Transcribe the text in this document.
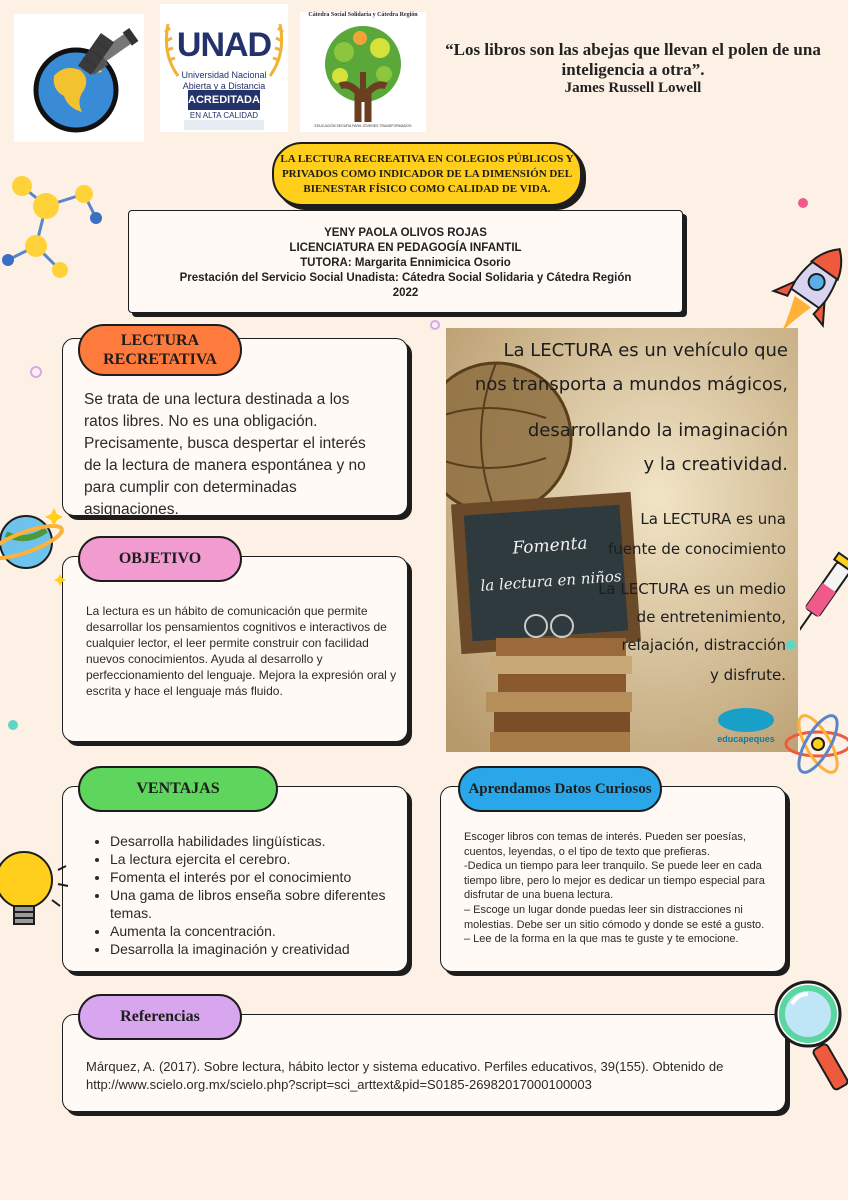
UNAD
Universidad Nacional
Abierta y a Distancia
ACREDITADA
EN ALTA CALIDAD
Cátedra Social Solidaria y Cátedra Región
EDUCACIÓN SEGURA PARA JÓVENES TRANSFORMADOS
“Los libros son las abejas que llevan el polen de una inteligencia a otra”.
James Russell Lowell
LA LECTURA RECREATIVA EN COLEGIOS PÚBLICOS Y
PRIVADOS COMO INDICADOR DE LA DIMENSIÓN DEL
BIENESTAR FÍSICO COMO CALIDAD DE VIDA.
YENY PAOLA OLIVOS ROJAS
LICENCIATURA EN PEDAGOGÍA INFANTIL
TUTORA: Margarita Ennimicica Osorio
Prestación del Servicio Social Unadista: Cátedra Social Solidaria y Cátedra Región
2022
LECTURA
RECRETATIVA
Se trata de una lectura destinada a los ratos libres. No es una obligación. Precisamente, busca despertar el interés de la lectura de manera espontánea y no para cumplir con determinadas asignaciones.
OBJETIVO
La lectura es un hábito de comunicación que permite desarrollar los pensamientos cognitivos e interactivos de cualquier lector, el leer permite construir con facilidad nuevos conocimientos. Ayuda al desarrollo y perfeccionamiento del lenguaje. Mejora la expresión oral y escrita y hace el lenguaje más fluido.
La LECTURA es un vehículo que
nos transporta a mundos mágicos,
desarrollando la imaginación
y la creatividad.
La LECTURA es una
fuente de conocimiento
La LECTURA es un medio
de entretenimiento,
relajación, distracción
y disfrute.
Fomenta
la lectura en niños
educapeques
VENTAJAS
• Desarrolla habilidades lingüísticas.
• La lectura ejercita el cerebro.
• Fomenta el interés por el conocimiento
• Una gama de libros enseña sobre diferentes temas.
• Aumenta la concentración.
• Desarrolla la imaginación y creatividad
Aprendamos Datos Curiosos
Escoger libros con temas de interés. Pueden ser poesías, cuentos, leyendas, o el tipo de texto que prefieras.
-Dedica un tiempo para leer tranquilo. Se puede leer en cada tiempo libre, pero lo mejor es dedicar un tiempo especial para disfrutar de una buena lectura.
– Escoge un lugar donde puedas leer sin distracciones ni molestias. Debe ser un sitio cómodo y donde se esté a gusto.
– Lee de la forma en la que mas te guste y te emocione.
Referencias
Márquez, A. (2017). Sobre lectura, hábito lector y sistema educativo. Perfiles educativos, 39(155). Obtenido de http://www.scielo.org.mx/scielo.php?script=sci_arttext&pid=S0185-26982017000100003
